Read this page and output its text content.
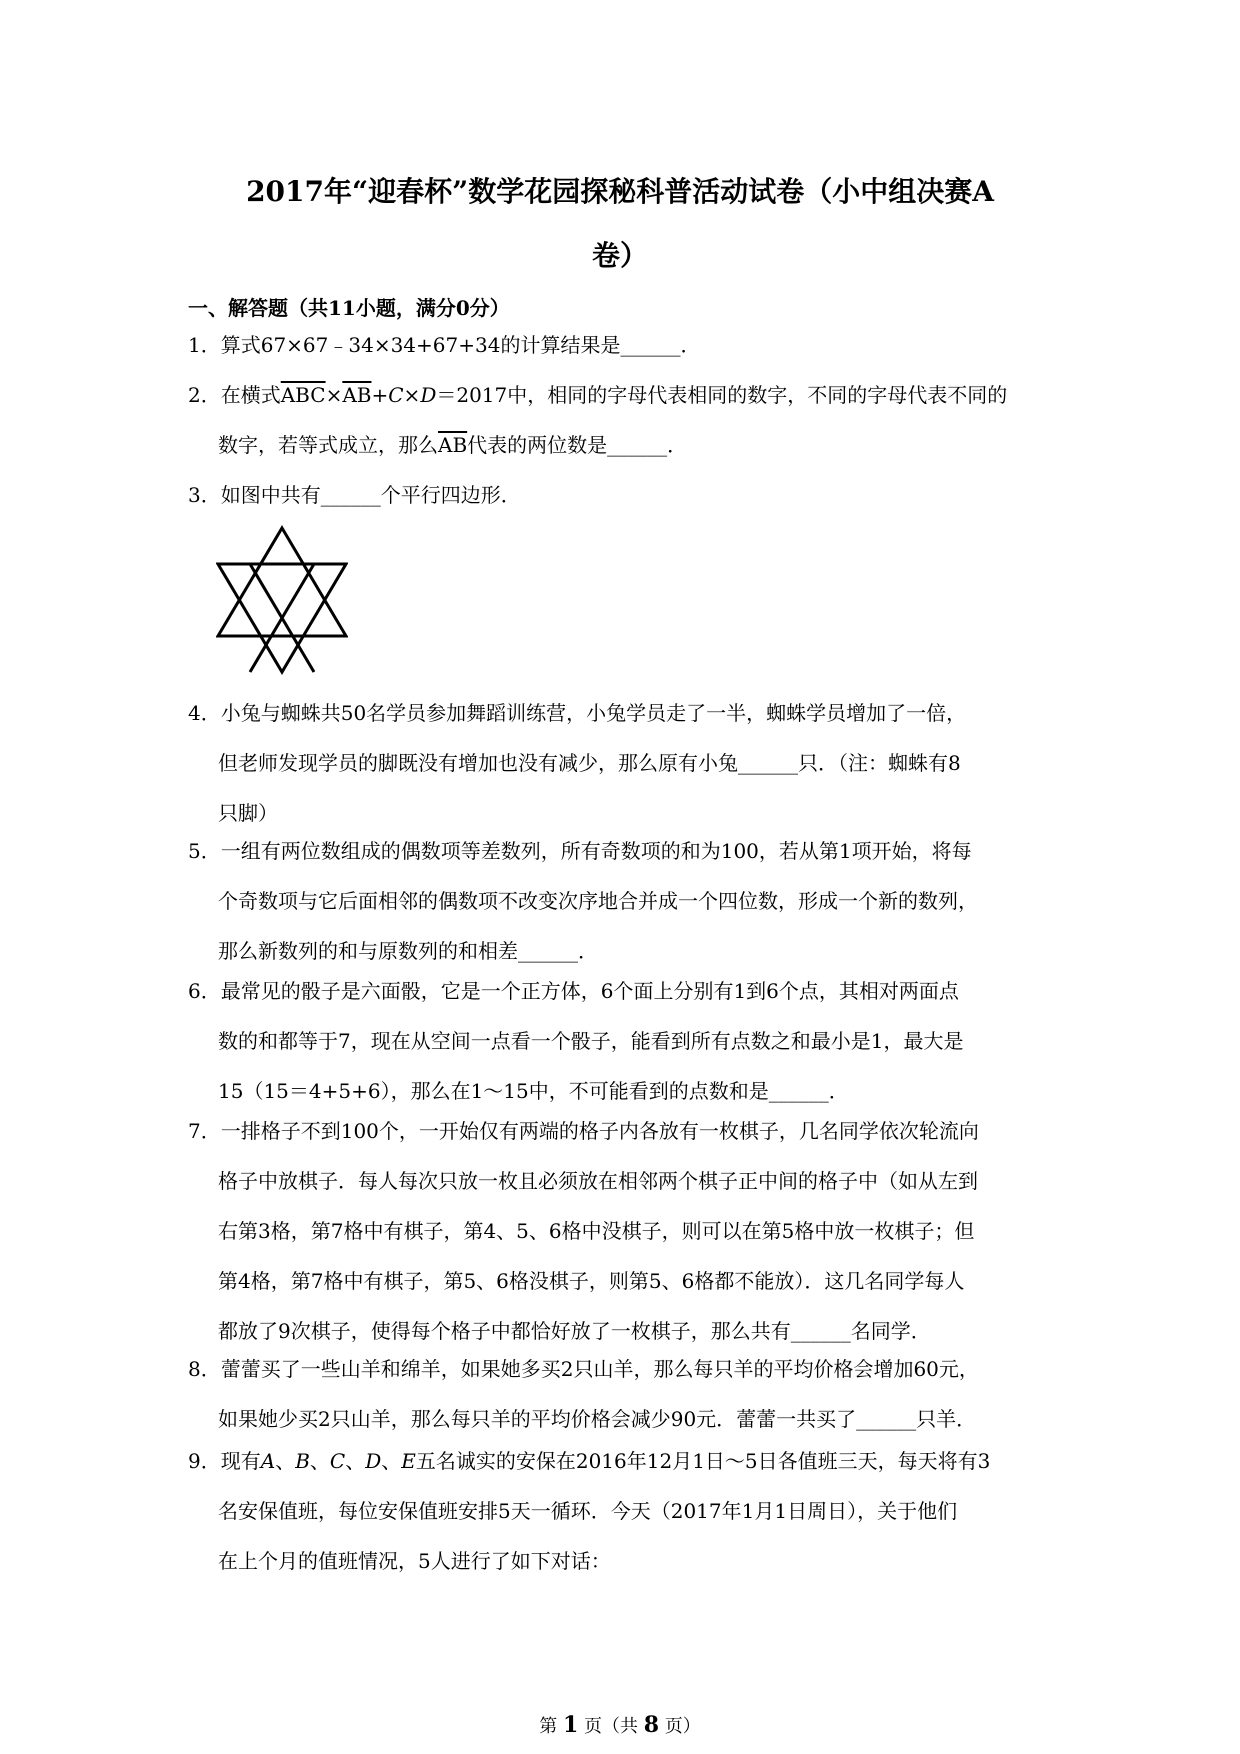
2017年“迎春杯”数学花园探秘科普活动试卷（小中组决赛A
卷）
一、解答题（共11小题，满分0分）
1．算式67×67﹣34×34+67+34的计算结果是______．
2．在横式$\overline{ABC}\times\overline{AB}+C\times D=2017$中，相同的字母代表相同的数字，不同的字母代表不同的
数字，若等式成立，那么$\overline{AB}$代表的两位数是______．
3．如图中共有______个平行四边形．
4．小兔与蜘蛛共50名学员参加舞蹈训练营，小兔学员走了一半，蜘蛛学员增加了一倍，
但老师发现学员的脚既没有增加也没有减少，那么原有小兔______只．（注：蜘蛛有8
只脚）
5．一组有两位数组成的偶数项等差数列，所有奇数项的和为100，若从第1项开始，将每
个奇数项与它后面相邻的偶数项不改变次序地合并成一个四位数，形成一个新的数列，
那么新数列的和与原数列的和相差______．
6．最常见的骰子是六面骰，它是一个正方体，6个面上分别有1到6个点，其相对两面点
数的和都等于7，现在从空间一点看一个骰子，能看到所有点数之和最小是1，最大是
15（15＝4+5+6），那么在1～15中，不可能看到的点数和是______．
7．一排格子不到100个，一开始仅有两端的格子内各放有一枚棋子，几名同学依次轮流向
格子中放棋子．每人每次只放一枚且必须放在相邻两个棋子正中间的格子中（如从左到
右第3格，第7格中有棋子，第4、5、6格中没棋子，则可以在第5格中放一枚棋子；但
第4格，第7格中有棋子，第5、6格没棋子，则第5、6格都不能放）．这几名同学每人
都放了9次棋子，使得每个格子中都恰好放了一枚棋子，那么共有______名同学．
8．蕾蕾买了一些山羊和绵羊，如果她多买2只山羊，那么每只羊的平均价格会增加60元，
如果她少买2只山羊，那么每只羊的平均价格会减少90元．蕾蕾一共买了______只羊．
9．现有A、B、C、D、E五名诚实的安保在2016年12月1日～5日各值班三天，每天将有3
名安保值班，每位安保值班安排5天一循环．今天（2017年1月1日周日），关于他们
在上个月的值班情况，5人进行了如下对话：
第 1 页（共 8 页）
